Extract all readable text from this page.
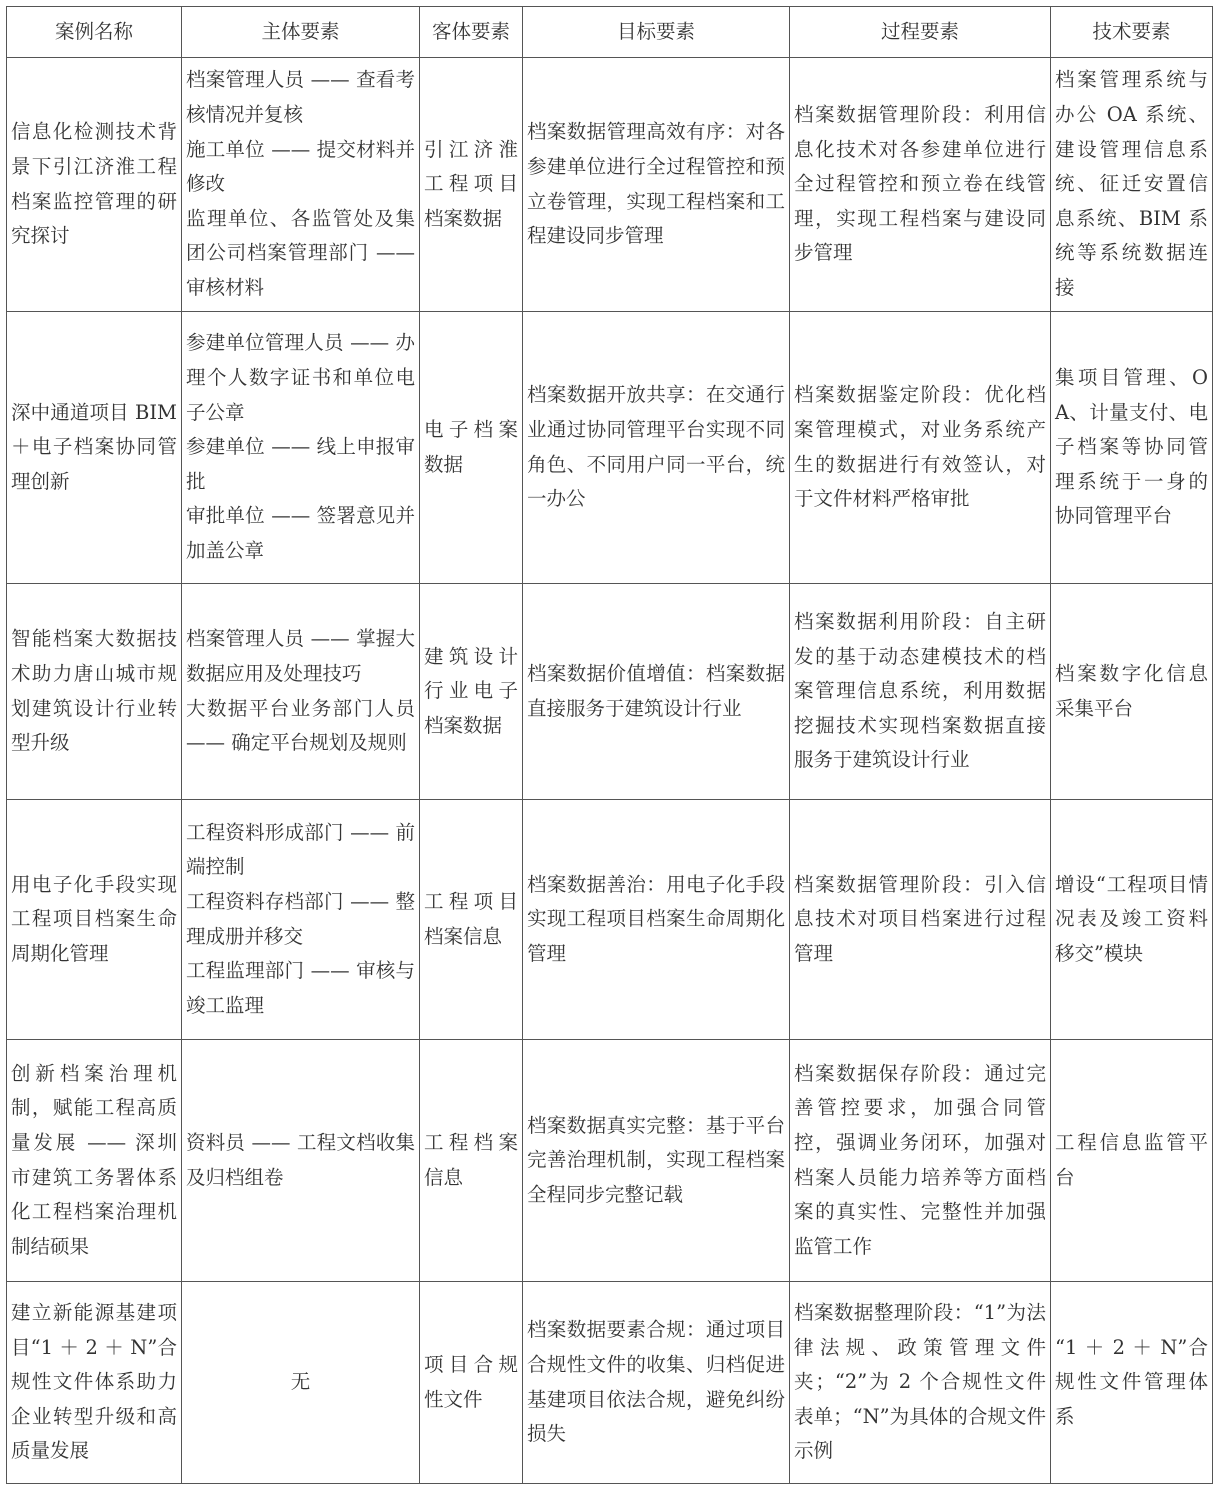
案例名称	主体要素	客体要素	目标要素	过程要素	技术要素
信息化检测技术背景下引江济淮工程档案监控管理的研究探讨	档案管理人员 —— 查看考核情况并复核
施工单位 —— 提交材料并修改
监理单位、各监管处及集团公司档案管理部门 —— 审核材料	引江济淮工程项目档案数据	档案数据管理高效有序：对各参建单位进行全过程管控和预立卷管理，实现工程档案和工程建设同步管理	档案数据管理阶段：利用信息化技术对各参建单位进行全过程管控和预立卷在线管理，实现工程档案与建设同步管理	档案管理系统与办公 OA 系统、建设管理信息系统、征迁安置信息系统、BIM 系统等系统数据连接
深中通道项目 BIM ＋电子档案协同管理创新	参建单位管理人员 —— 办理个人数字证书和单位电子公章
参建单位 —— 线上申报审批
审批单位 —— 签署意见并加盖公章	电子档案数据	档案数据开放共享：在交通行业通过协同管理平台实现不同角色、不同用户同一平台，统一办公	档案数据鉴定阶段：优化档案管理模式，对业务系统产生的数据进行有效签认，对于文件材料严格审批	集项目管理、OA、计量支付、电子档案等协同管理系统于一身的协同管理平台
智能档案大数据技术助力唐山城市规划建筑设计行业转型升级	档案管理人员 —— 掌握大数据应用及处理技巧
大数据平台业务部门人员 —— 确定平台规划及规则	建筑设计行业电子档案数据	档案数据价值增值：档案数据直接服务于建筑设计行业	档案数据利用阶段：自主研发的基于动态建模技术的档案管理信息系统，利用数据挖掘技术实现档案数据直接服务于建筑设计行业	档案数字化信息采集平台
用电子化手段实现工程项目档案生命周期化管理	工程资料形成部门 —— 前端控制
工程资料存档部门 —— 整理成册并移交
工程监理部门 —— 审核与竣工监理	工程项目档案信息	档案数据善治：用电子化手段实现工程项目档案生命周期化管理	档案数据管理阶段：引入信息技术对项目档案进行过程管理	增设“工程项目情况表及竣工资料移交”模块
创新档案治理机制，赋能工程高质量发展 —— 深圳市建筑工务署体系化工程档案治理机制结硕果	资料员 —— 工程文档收集及归档组卷	工程档案信息	档案数据真实完整：基于平台完善治理机制，实现工程档案全程同步完整记载	档案数据保存阶段：通过完善管控要求，加强合同管控，强调业务闭环，加强对档案人员能力培养等方面档案的真实性、完整性并加强监管工作	工程信息监管平台
建立新能源基建项目“1 ＋ 2 ＋ N”合规性文件体系助力企业转型升级和高质量发展	无	项目合规性文件	档案数据要素合规：通过项目合规性文件的收集、归档促进基建项目依法合规，避免纠纷损失	档案数据整理阶段：“1”为法律法规、政策管理文件夹；“2”为 2 个合规性文件表单；“N”为具体的合规文件示例	“1 ＋ 2 ＋ N”合规性文件管理体系
